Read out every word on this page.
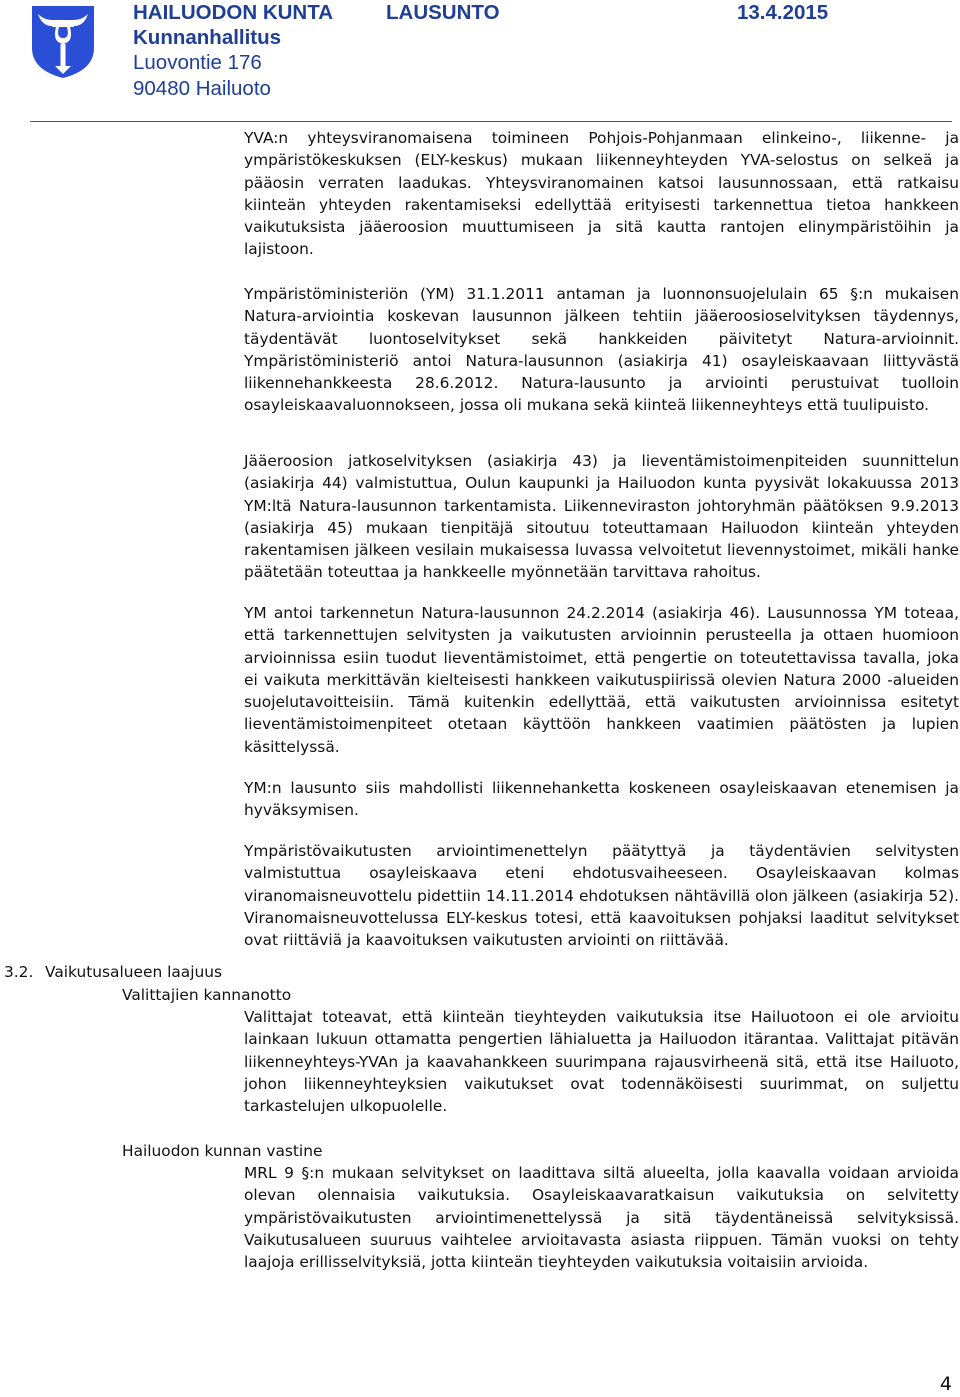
HAILUODON KUNTA	LAUSUNTO	13.4.2015
Kunnanhallitus
Luovontie 176
90480 Hailuoto

YVA:n yhteysviranomaisena toimineen Pohjois-Pohjanmaan elinkeino-, liikenne- ja ympäristökeskuksen (ELY-keskus) mukaan liikenneyhteyden YVA-selostus on selkeä ja pääosin verraten laadukas. Yhteysviranomainen katsoi lausunnossaan, että ratkaisu kiinteän yhteyden rakentamiseksi edellyttää erityisesti tarkennettua tietoa hankkeen vaikutuksista jääeroosion muuttumiseen ja sitä kautta rantojen elinympäristöihin ja lajistoon.

Ympäristöministeriön (YM) 31.1.2011 antaman ja luonnonsuojelulain 65 §:n mukaisen Natura-arviointia koskevan lausunnon jälkeen tehtiin jääeroosioselvityksen täydennys, täydentävät luontoselvitykset sekä hankkeiden päivitetyt Natura-arvioinnit. Ympäristöministeriö antoi Natura-lausunnon (asiakirja 41) osayleiskaavaan liittyvästä liikennehankkeesta 28.6.2012. Natura-lausunto ja arviointi perustuivat tuolloin osayleiskaavaluonnokseen, jossa oli mukana sekä kiinteä liikenneyhteys että tuulipuisto.

Jääeroosion jatkoselvityksen (asiakirja 43) ja lieventämistoimenpiteiden suunnittelun (asiakirja 44) valmistuttua, Oulun kaupunki ja Hailuodon kunta pyysivät lokakuussa 2013 YM:ltä Natura-lausunnon tarkentamista. Liikenneviraston johtoryhmän päätöksen 9.9.2013 (asiakirja 45) mukaan tienpitäjä sitoutuu toteuttamaan Hailuodon kiinteän yhteyden rakentamisen jälkeen vesilain mukaisessa luvassa velvoitetut lievennystoimet, mikäli hanke päätetään toteuttaa ja hankkeelle myönnetään tarvittava rahoitus.

YM antoi tarkennetun Natura-lausunnon 24.2.2014 (asiakirja 46). Lausunnossa YM toteaa, että tarkennettujen selvitysten ja vaikutusten arvioinnin perusteella ja ottaen huomioon arvioinnissa esiin tuodut lieventämistoimet, että pengertie on toteutettavissa tavalla, joka ei vaikuta merkittävän kielteisesti hankkeen vaikutuspiirissä olevien Natura 2000 -alueiden suojelutavoitteisiin. Tämä kuitenkin edellyttää, että vaikutusten arvioinnissa esitetyt lieventämistoimenpiteet otetaan käyttöön hankkeen vaatimien päätösten ja lupien käsittelyssä.

YM:n lausunto siis mahdollisti liikennehanketta koskeneen osayleiskaavan etenemisen ja hyväksymisen.

Ympäristövaikutusten arviointimenettelyn päätyttyä ja täydentävien selvitysten valmistuttua osayleiskaava eteni ehdotusvaiheeseen. Osayleiskaavan kolmas viranomaisneuvottelu pidettiin 14.11.2014 ehdotuksen nähtävillä olon jälkeen (asiakirja 52). Viranomaisneuvottelussa ELY-keskus totesi, että kaavoituksen pohjaksi laaditut selvitykset ovat riittäviä ja kaavoituksen vaikutusten arviointi on riittävää.

3.2. Vaikutusalueen laajuus
Valittajien kannanotto

Valittajat toteavat, että kiinteän tieyhteyden vaikutuksia itse Hailuotoon ei ole arvioitu lainkaan lukuun ottamatta pengertien lähialuetta ja Hailuodon itärantaa. Valittajat pitävän liikenneyhteys-YVAn ja kaavahankkeen suurimpana rajausvirheenä sitä, että itse Hailuoto, johon liikenneyhteyksien vaikutukset ovat todennäköisesti suurimmat, on suljettu tarkastelujen ulkopuolelle.

Hailuodon kunnan vastine

MRL 9 §:n mukaan selvitykset on laadittava siltä alueelta, jolla kaavalla voidaan arvioida olevan olennaisia vaikutuksia. Osayleiskaavaratkaisun vaikutuksia on selvitetty ympäristövaikutusten arviointimenettelyssä ja sitä täydentäneissä selvityksissä. Vaikutusalueen suuruus vaihtelee arvioitavasta asiasta riippuen. Tämän vuoksi on tehty laajoja erillisselvityksiä, jotta kiinteän tieyhteyden vaikutuksia voitaisiin arvioida.

4
